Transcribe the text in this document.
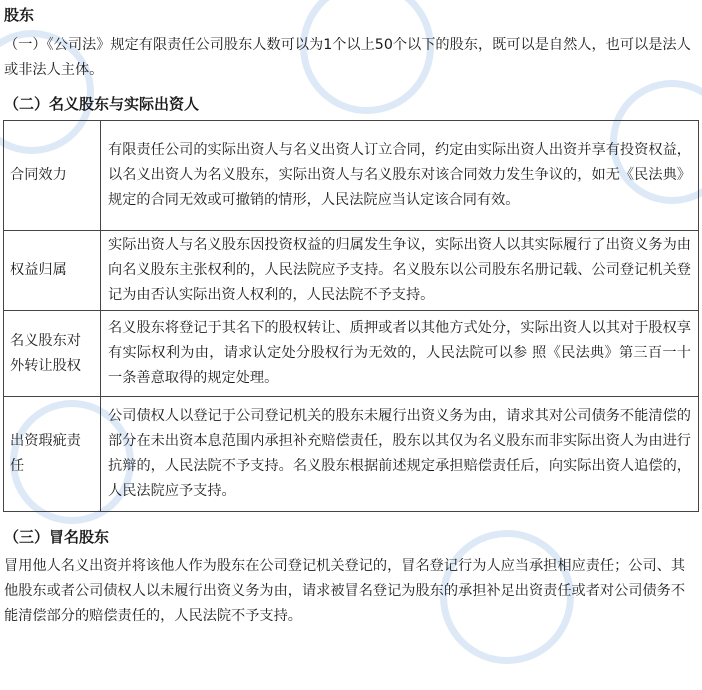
股东
（一）《公司法》规定有限责任公司股东人数可以为1个以上50个以下的股东，既可以是自然人，也可以是法人或非法人主体。
（二）名义股东与实际出资人
合同效力	有限责任公司的实际出资人与名义出资人订立合同，约定由实际出资人出资并享有投资权益，以名义出资人为名义股东，实际出资人与名义股东对该合同效力发生争议的，如无《民法典》规定的合同无效或可撤销的情形，人民法院应当认定该合同有效。
权益归属	实际出资人与名义股东因投资权益的归属发生争议，实际出资人以其实际履行了出资义务为由向名义股东主张权利的，人民法院应予支持。名义股东以公司股东名册记载、公司登记机关登记为由否认实际出资人权利的，人民法院不予支持。
名义股东对外转让股权	名义股东将登记于其名下的股权转让、质押或者以其他方式处分，实际出资人以其对于股权享有实际权利为由，请求认定处分股权行为无效的，人民法院可以参 照《民法典》第三百一十一条善意取得的规定处理。
出资瑕疵责任	公司债权人以登记于公司登记机关的股东未履行出资义务为由，请求其对公司债务不能清偿的部分在未出资本息范围内承担补充赔偿责任，股东以其仅为名义股东而非实际出资人为由进行抗辩的，人民法院不予支持。名义股东根据前述规定承担赔偿责任后，向实际出资人追偿的，人民法院应予支持。
（三）冒名股东
冒用他人名义出资并将该他人作为股东在公司登记机关登记的，冒名登记行为人应当承担相应责任；公司、其他股东或者公司债权人以未履行出资义务为由，请求被冒名登记为股东的承担补足出资责任或者对公司债务不能清偿部分的赔偿责任的，人民法院不予支持。
